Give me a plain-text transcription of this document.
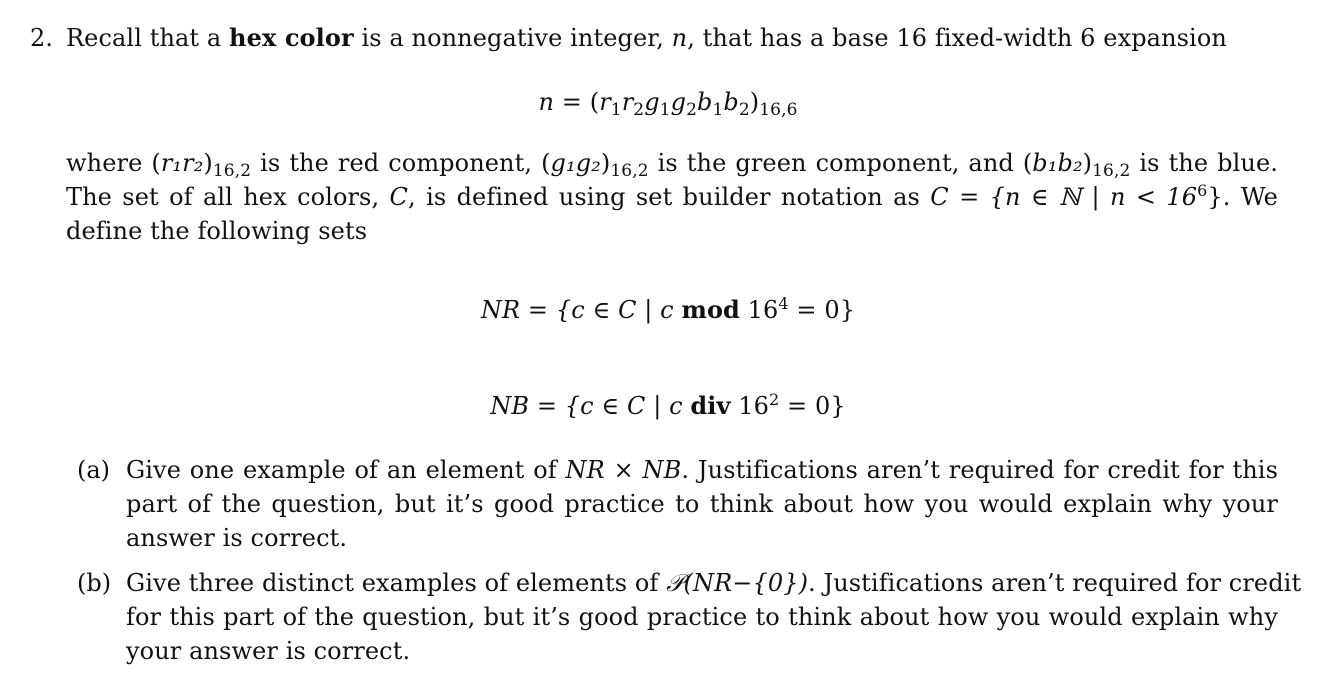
2. Recall that a hex color is a nonnegative integer, n, that has a base 16 fixed-width 6 expansion
$n = (r_1r_2g_1g_2b_1b_2)_{16,6}$
where $(r_1r_2)_{16,2}$ is the red component, $(g_1g_2)_{16,2}$ is the green component, and $(b_1b_2)_{16,2}$ is the blue.
The set of all hex colors, C, is defined using set builder notation as C = {n ∈ ℕ | $n < 16^6$}. We
define the following sets
NR = {c ∈ C | c mod $16^4 = 0$}
NB = {c ∈ C | c div $16^2 = 0$}
(a) Give one example of an element of NR × NB. Justifications aren’t required for credit for this
part of the question, but it’s good practice to think about how you would explain why your
answer is correct.
(b) Give three distinct examples of elements of 𝒫(NR−{0}). Justifications aren’t required for credit
for this part of the question, but it’s good practice to think about how you would explain why
your answer is correct.
